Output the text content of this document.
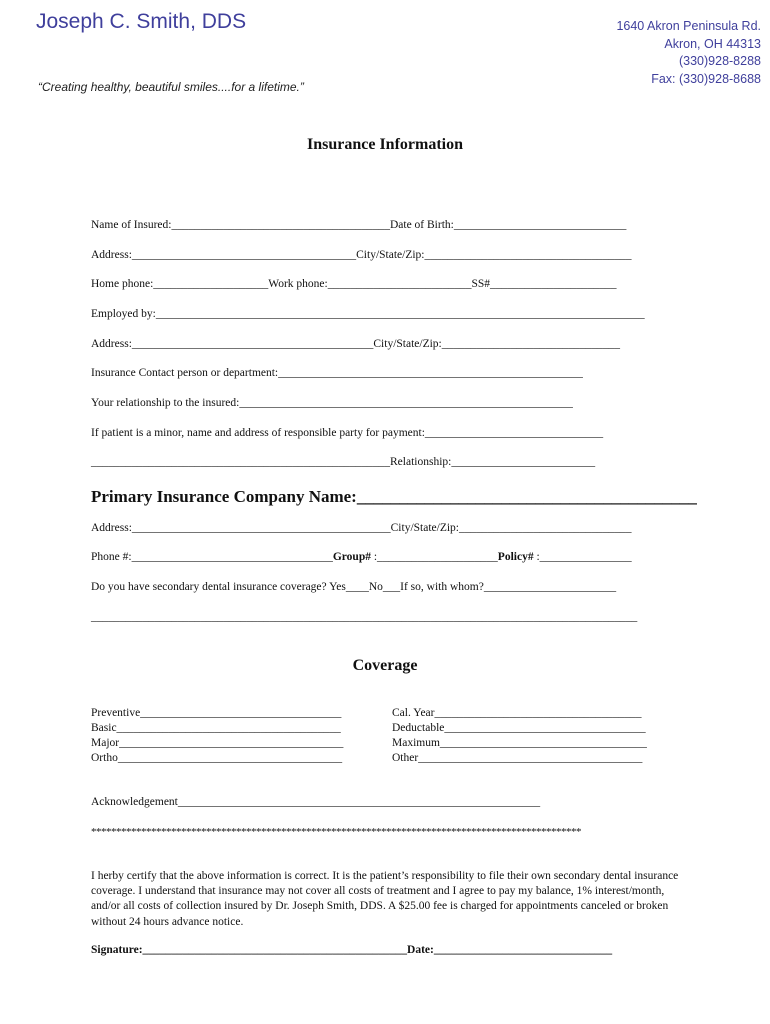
Joseph C. Smith, DDS	1640 Akron Peninsula Rd.
Akron, OH 44313
(330)928-8288
Fax: (330)928-8688
“Creating healthy, beautiful smiles....for a lifetime.”
Insurance Information
Name of Insured:______________________________________Date of Birth:______________________________
Address:_______________________________________City/State/Zip:____________________________________
Home phone:____________________Work phone:_________________________SS#______________________
Employed by:_____________________________________________________________________________________
Address:__________________________________________City/State/Zip:_______________________________
Insurance Contact person or department:_____________________________________________________
Your relationship to the insured:__________________________________________________________
If patient is a minor, name and address of responsible party for payment:_______________________________
____________________________________________________Relationship:_________________________
Primary Insurance Company Name:________________________________________
Address:_____________________________________________City/State/Zip:______________________________
Phone #:___________________________________Group# :_____________________Policy# :________________
Do you have secondary dental insurance coverage? Yes____No___If so, with whom?_______________________
_______________________________________________________________________________________________
Coverage
Preventive___________________________________
Basic_______________________________________
Major_______________________________________
Ortho_______________________________________
Cal. Year____________________________________
Deductable___________________________________
Maximum____________________________________
Other_______________________________________
Acknowledgement_______________________________________________________________
**************************************************************************************************
I herby certify that the above information is correct. It is the patient’s responsibility to file their own secondary dental insurance coverage. I understand that insurance may not cover all costs of treatment and I agree to pay my balance, 1% interest/month, and/or all costs of collection insured by Dr. Joseph Smith, DDS. A $25.00 fee is charged for appointments canceled or broken without 24 hours advance notice.
Signature:______________________________________________Date:_______________________________
